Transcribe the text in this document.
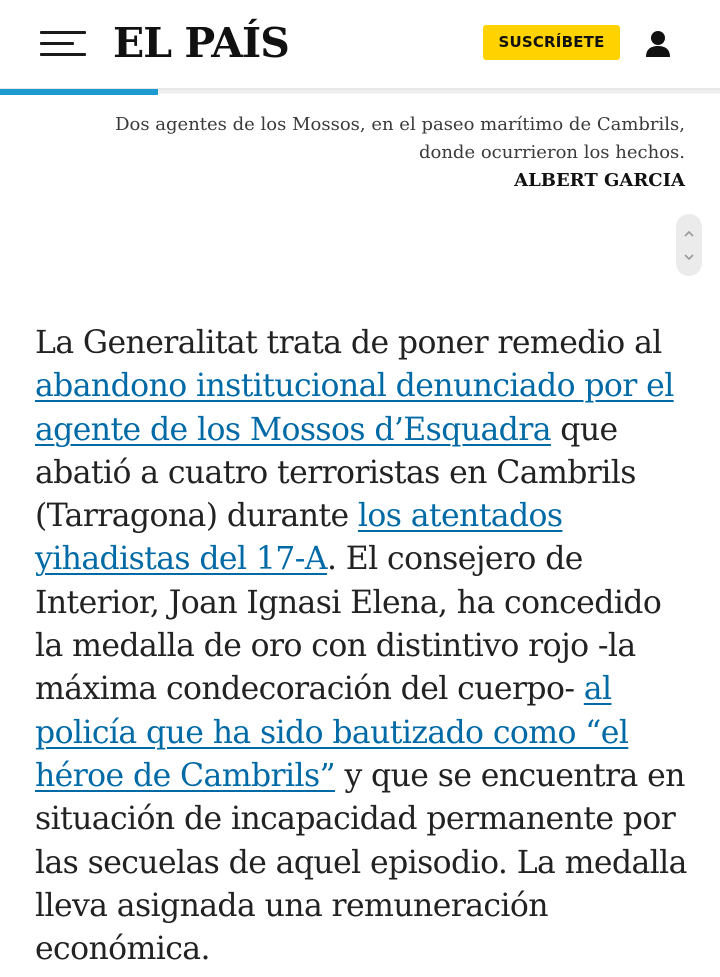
EL PAÍS	SUSCRÍBETE
Dos agentes de los Mossos, en el paseo marítimo de Cambrils,
donde ocurrieron los hechos.
ALBERT GARCIA
La Generalitat trata de poner remedio al abandono institucional denunciado por el agente de los Mossos d’Esquadra que abatió a cuatro terroristas en Cambrils (Tarragona) durante los atentados yihadistas del 17-A. El consejero de Interior, Joan Ignasi Elena, ha concedido la medalla de oro con distintivo rojo -la máxima condecoración del cuerpo- al policía que ha sido bautizado como “el héroe de Cambrils” y que se encuentra en situación de incapacidad permanente por las secuelas de aquel episodio. La medalla lleva asignada una remuneración económica.
